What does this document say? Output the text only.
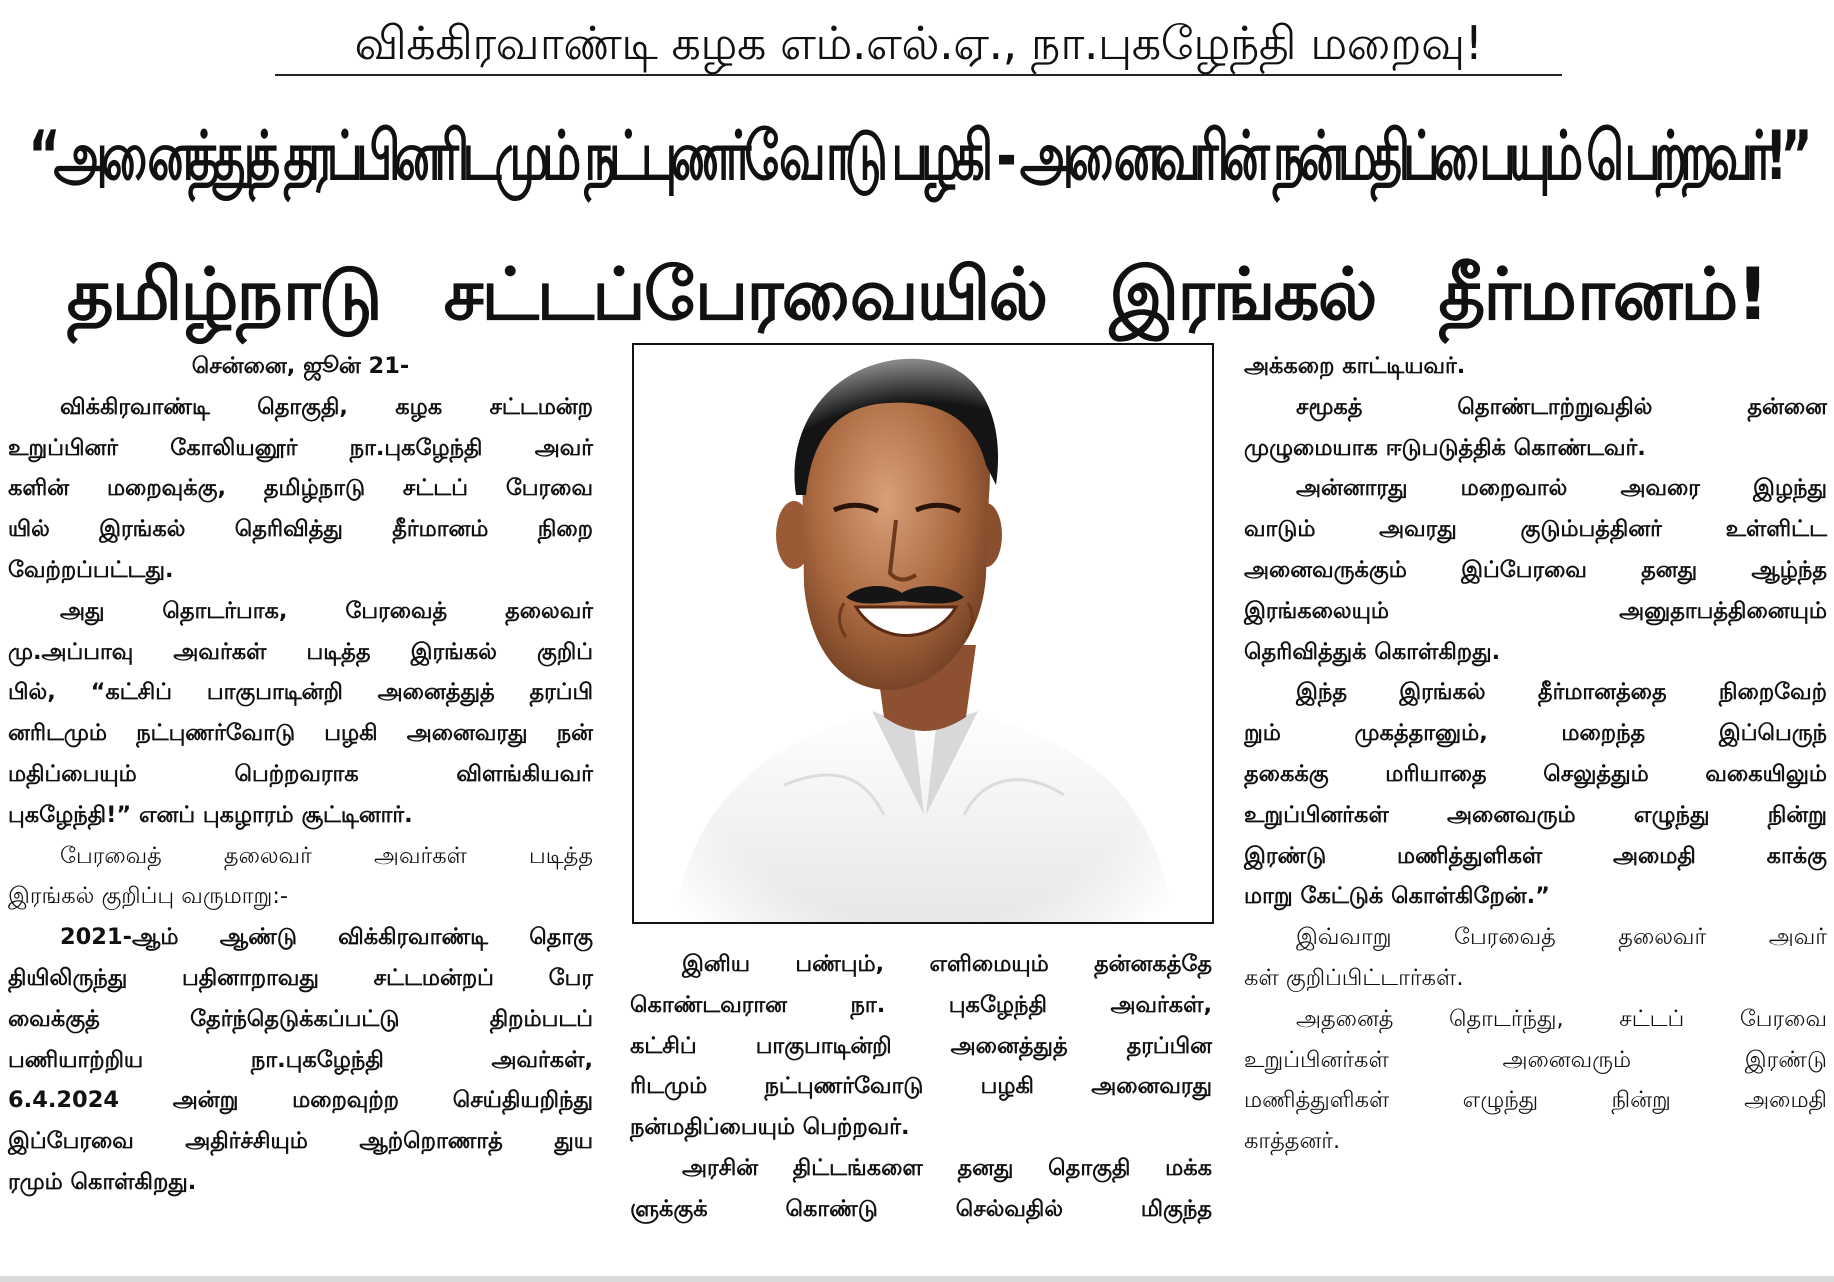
விக்கிரவாண்டி கழக எம்.எல்.ஏ., நா.புகழேந்தி மறைவு!
“அனைத்துத் தரப்பினரிடமும் நட்புணர்வோடு பழகி - அனைவரின் நன்மதிப்பையும் பெற்றவர்!”
தமிழ்நாடு சட்டப்பேரவையில் இரங்கல் தீர்மானம்!

சென்னை, ஜூன் 21-
விக்கிரவாண்டி தொகுதி, கழக சட்டமன்ற
உறுப்பினர் கோலியனூர் நா.புகழேந்தி அவர்
களின் மறைவுக்கு, தமிழ்நாடு சட்டப் பேரவை
யில் இரங்கல் தெரிவித்து தீர்மானம் நிறை
வேற்றப்பட்டது.
அது தொடர்பாக, பேரவைத் தலைவர்
மு.அப்பாவு அவர்கள் படித்த இரங்கல் குறிப்
பில், “கட்சிப் பாகுபாடின்றி அனைத்துத் தரப்பி
னரிடமும் நட்புணர்வோடு பழகி அனைவரது நன்
மதிப்பையும் பெற்றவராக விளங்கியவர்
புகழேந்தி!” எனப் புகழாரம் சூட்டினார்.
பேரவைத் தலைவர் அவர்கள் படித்த
இரங்கல் குறிப்பு வருமாறு:-
2021-ஆம் ஆண்டு விக்கிரவாண்டி தொகு
தியிலிருந்து பதினாறாவது சட்டமன்றப் பேர
வைக்குத் தேர்ந்தெடுக்கப்பட்டு திறம்படப்
பணியாற்றிய நா.புகழேந்தி அவர்கள்,
6.4.2024 அன்று மறைவுற்ற செய்தியறிந்து
இப்பேரவை அதிர்ச்சியும் ஆற்றொணாத் துய
ரமும் கொள்கிறது.

இனிய பண்பும், எளிமையும் தன்னகத்தே
கொண்டவரான நா. புகழேந்தி அவர்கள்,
கட்சிப் பாகுபாடின்றி அனைத்துத் தரப்பின
ரிடமும் நட்புணர்வோடு பழகி அனைவரது
நன்மதிப்பையும் பெற்றவர்.
அரசின் திட்டங்களை தனது தொகுதி மக்க
ளுக்குக் கொண்டு செல்வதில் மிகுந்த

அக்கறை காட்டியவர்.
சமூகத் தொண்டாற்றுவதில் தன்னை
முழுமையாக ஈடுபடுத்திக் கொண்டவர்.
அன்னாரது மறைவால் அவரை இழந்து
வாடும் அவரது குடும்பத்தினர் உள்ளிட்ட
அனைவருக்கும் இப்பேரவை தனது ஆழ்ந்த
இரங்கலையும் அனுதாபத்தினையும்
தெரிவித்துக் கொள்கிறது.
இந்த இரங்கல் தீர்மானத்தை நிறைவேற்
றும் முகத்தானும், மறைந்த இப்பெருந்
தகைக்கு மரியாதை செலுத்தும் வகையிலும்
உறுப்பினர்கள் அனைவரும் எழுந்து நின்று
இரண்டு மணித்துளிகள் அமைதி காக்கு
மாறு கேட்டுக் கொள்கிறேன்.”
இவ்வாறு பேரவைத் தலைவர் அவர்
கள் குறிப்பிட்டார்கள்.
அதனைத் தொடர்ந்து, சட்டப் பேரவை
உறுப்பினர்கள் அனைவரும் இரண்டு
மணித்துளிகள் எழுந்து நின்று அமைதி
காத்தனர்.
